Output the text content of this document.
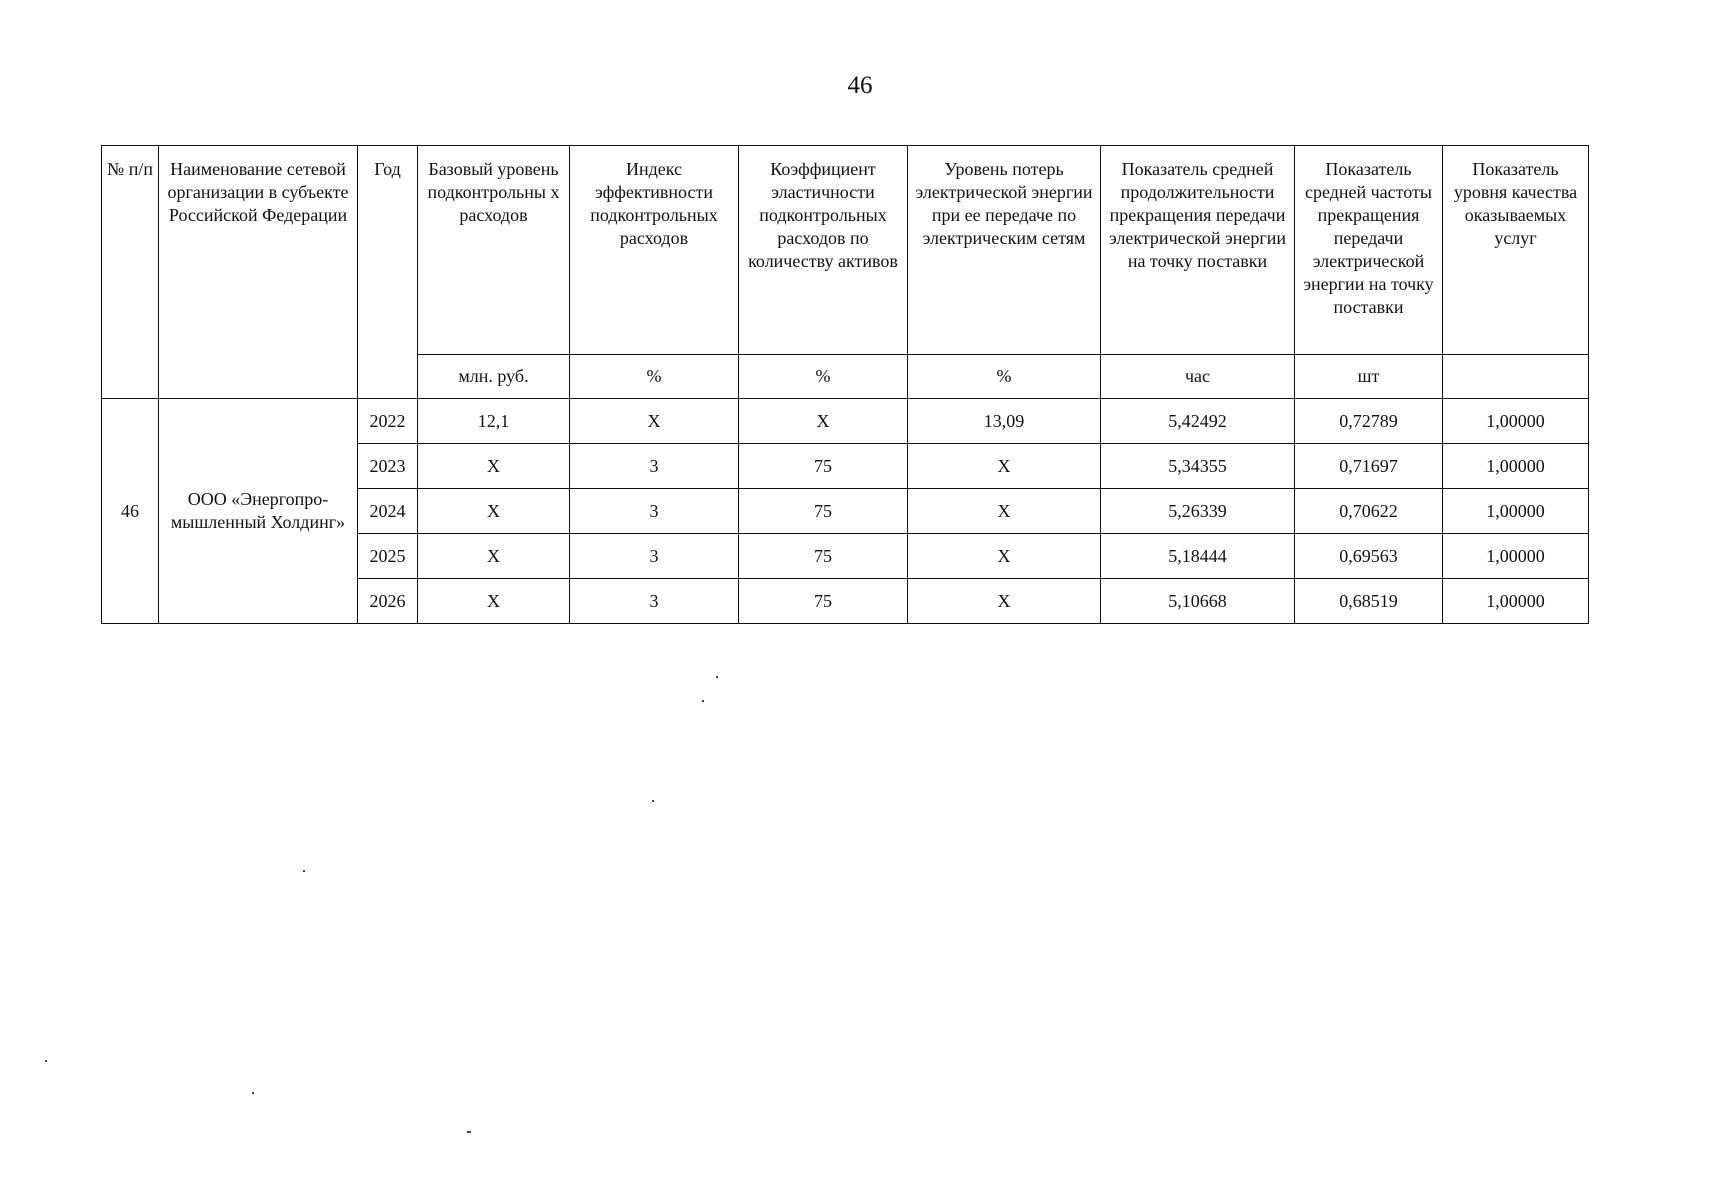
46
№ п/п	Наименование сетевой организации в субъекте Российской Федерации	Год	Базовый уровень подконтрольны х расходов	Индекс эффективности подконтрольных расходов	Коэффициент эластичности подконтрольных расходов по количеству активов	Уровень потерь электрической энергии при ее передаче по электрическим сетям	Показатель средней продолжительности прекращения передачи электрической энергии на точку поставки	Показатель средней частоты прекращения передачи электрической энергии на точку поставки	Показатель уровня качества оказываемых услуг
			млн. руб.	%	%	%	час	шт	
46	ООО «Энергопро- мышленный Холдинг»	2022	12,1	Х	Х	13,09	5,42492	0,72789	1,00000
		2023	Х	3	75	Х	5,34355	0,71697	1,00000
		2024	Х	3	75	Х	5,26339	0,70622	1,00000
		2025	Х	3	75	Х	5,18444	0,69563	1,00000
		2026	Х	3	75	Х	5,10668	0,68519	1,00000
